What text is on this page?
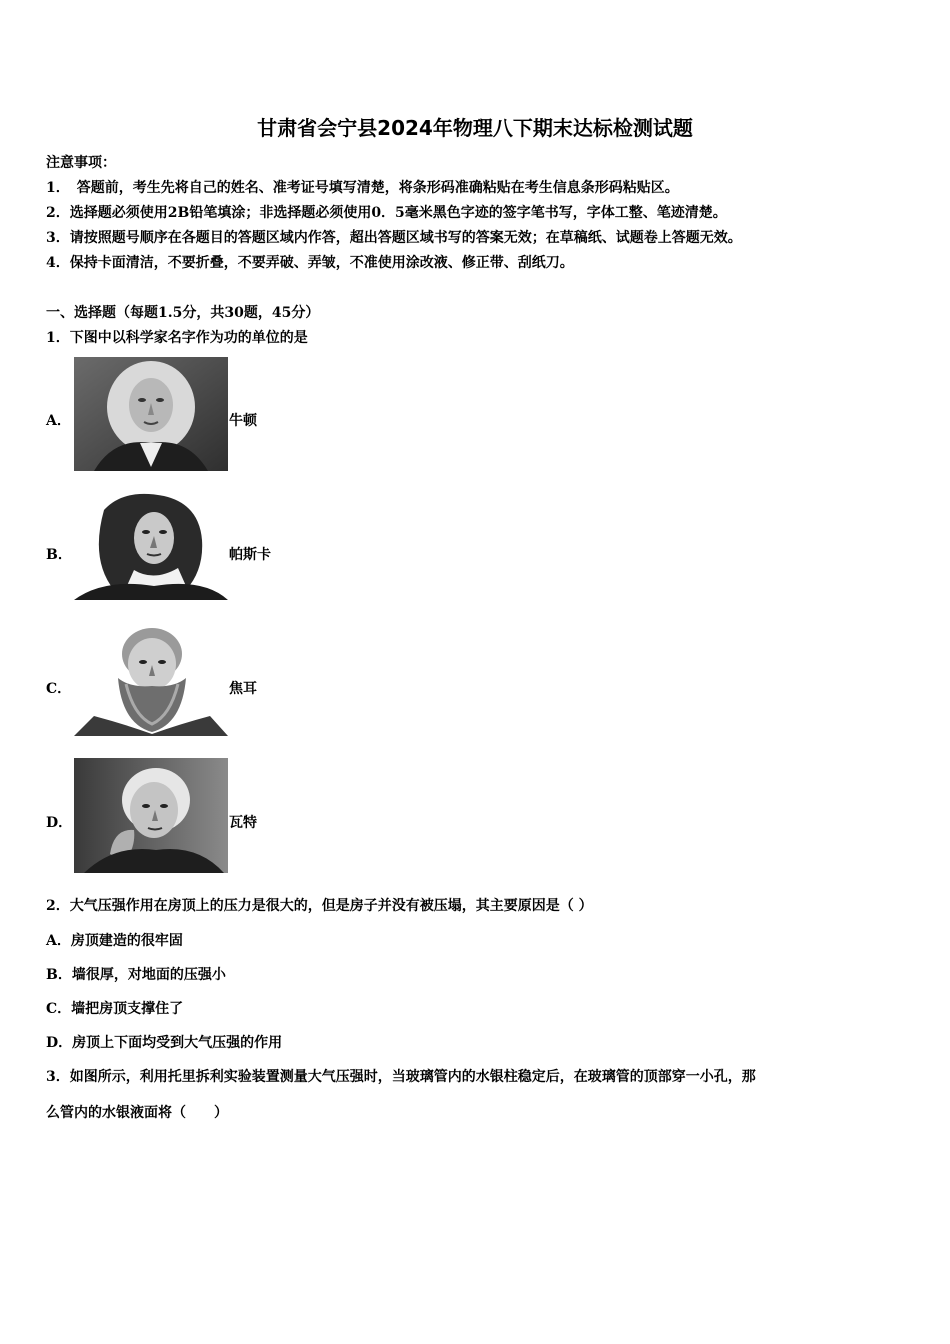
甘肃省会宁县2024年物理八下期末达标检测试题
注意事项：
1．　答题前，考生先将自己的姓名、准考证号填写清楚，将条形码准确粘贴在考生信息条形码粘贴区。
2．选择题必须使用2B铅笔填涂；非选择题必须使用0．5毫米黑色字迹的签字笔书写，字体工整、笔迹清楚。
3．请按照题号顺序在各题目的答题区域内作答，超出答题区域书写的答案无效；在草稿纸、试题卷上答题无效。
4．保持卡面清洁，不要折叠，不要弄破、弄皱，不准使用涂改液、修正带、刮纸刀。
一、选择题（每题1.5分，共30题，45分）
1．下图中以科学家名字作为功的单位的是
A．	牛顿
B．	帕斯卡
C．	焦耳
D．	瓦特
2．大气压强作用在房顶上的压力是很大的，但是房子并没有被压塌，其主要原因是（ ）
A．房顶建造的很牢固
B．墙很厚，对地面的压强小
C．墙把房顶支撑住了
D．房顶上下面均受到大气压强的作用
3．如图所示，利用托里拆利实验装置测量大气压强时，当玻璃管内的水银柱稳定后，在玻璃管的顶部穿一小孔，那
么管内的水银液面将（　　）
